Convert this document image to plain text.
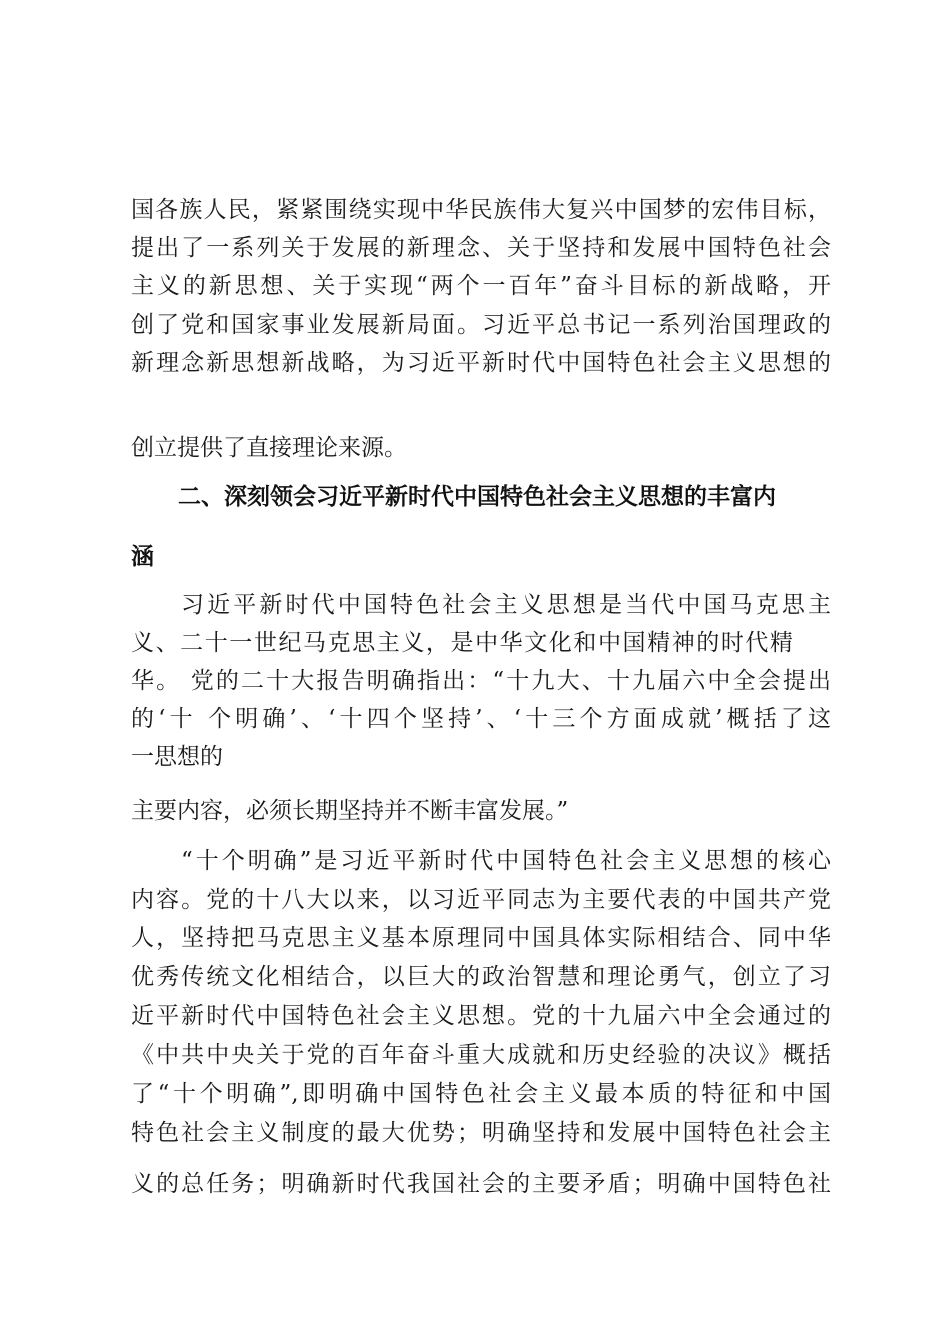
国各族人民，紧紧围绕实现中华民族伟大复兴中国梦的宏伟目标，
提出了一系列关于发展的新理念、关于坚持和发展中国特色社会
主义的新思想、关于实现“两个一百年”奋斗目标的新战略，开
创了党和国家事业发展新局面。习近平总书记一系列治国理政的
新理念新思想新战略，为习近平新时代中国特色社会主义思想的
创立提供了直接理论来源。
二、深刻领会习近平新时代中国特色社会主义思想的丰富内
涵
习近平新时代中国特色社会主义思想是当代中国马克思主
义、二十一世纪马克思主义，是中华文化和中国精神的时代精
华。 党的二十大报告明确指出：“十九大、十九届六中全会提出
的‘十 个明确’、‘十四个坚持’、‘十三个方面成就’概括了这
一思想的
主要内容，必须长期坚持并不断丰富发展。”
“十个明确”是习近平新时代中国特色社会主义思想的核心
内容。党的十八大以来，以习近平同志为主要代表的中国共产党
人，坚持把马克思主义基本原理同中国具体实际相结合、同中华
优秀传统文化相结合，以巨大的政治智慧和理论勇气，创立了习
近平新时代中国特色社会主义思想。党的十九届六中全会通过的
《中共中央关于党的百年奋斗重大成就和历史经验的决议》概括
了“十个明确”,即明确中国特色社会主义最本质的特征和中国
特色社会主义制度的最大优势；明确坚持和发展中国特色社会主
义的总任务；明确新时代我国社会的主要矛盾；明确中国特色社
